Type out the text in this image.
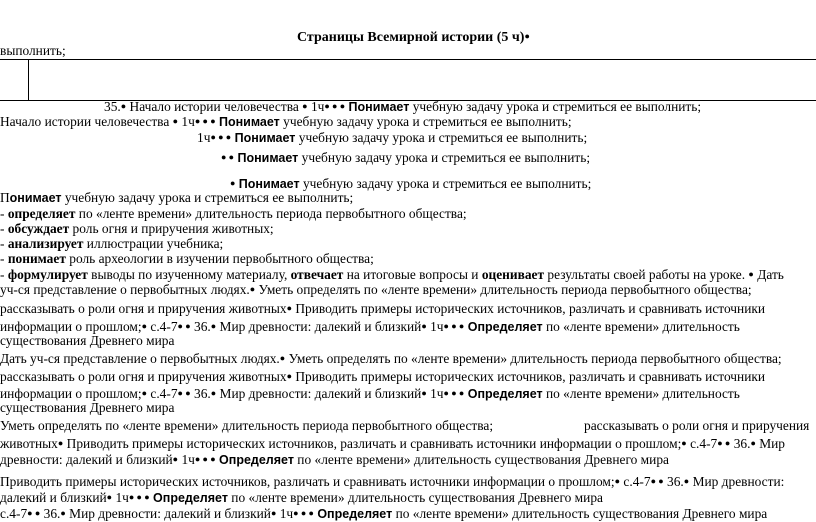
Страницы Всемирной истории (5 ч)●
выполнить;
35.● Начало истории человечества ● 1ч● ● ● Понимает учебную задачу урока и стремиться ее выполнить;
Начало истории человечества ● 1ч● ● ● Понимает учебную задачу урока и стремиться ее выполнить;
1ч● ● ● Понимает учебную задачу урока и стремиться ее выполнить;
● ● Понимает учебную задачу урока и стремиться ее выполнить;
● Понимает учебную задачу урока и стремиться ее выполнить;
Понимает учебную задачу урока и стремиться ее выполнить;
- определяет по «ленте времени» длительность периода первобытного общества;
- обсуждает роль огня и приручения животных;
- анализирует иллюстрации учебника;
- понимает роль археологии в изучении первобытного общества;
- формулирует выводы по изученному материалу, отвечает на итоговые вопросы и оценивает результаты своей работы на уроке. ● Дать
уч-ся представление о первобытных людях.● Уметь определять по «ленте времени» длительность периода первобытного общества;
рассказывать о роли огня и приручения животных● Приводить примеры исторических источников, различать и сравнивать источники
информации о прошлом;● с.4-7● ● 36.● Мир древности: далекий и близкий● 1ч● ● ● Определяет по «ленте времени» длительность
существования Древнего мира
Дать уч-ся представление о первобытных людях.● Уметь определять по «ленте времени» длительность периода первобытного общества;
рассказывать о роли огня и приручения животных● Приводить примеры исторических источников, различать и сравнивать источники
информации о прошлом;● с.4-7● ● 36.● Мир древности: далекий и близкий● 1ч● ● ● Определяет по «ленте времени» длительность
существования Древнего мира
Уметь определять по «ленте времени» длительность периода первобытного общества;	рассказывать о роли огня и приручения
животных● Приводить примеры исторических источников, различать и сравнивать источники информации о прошлом;● с.4-7● ● 36.● Мир
древности: далекий и близкий● 1ч● ● ● Определяет по «ленте времени» длительность существования Древнего мира
Приводить примеры исторических источников, различать и сравнивать источники информации о прошлом;● с.4-7● ● 36.● Мир древности:
далекий и близкий● 1ч● ● ● Определяет по «ленте времени» длительность существования Древнего мира
с.4-7● ● 36.● Мир древности: далекий и близкий● 1ч● ● ● Определяет по «ленте времени» длительность существования Древнего мира
